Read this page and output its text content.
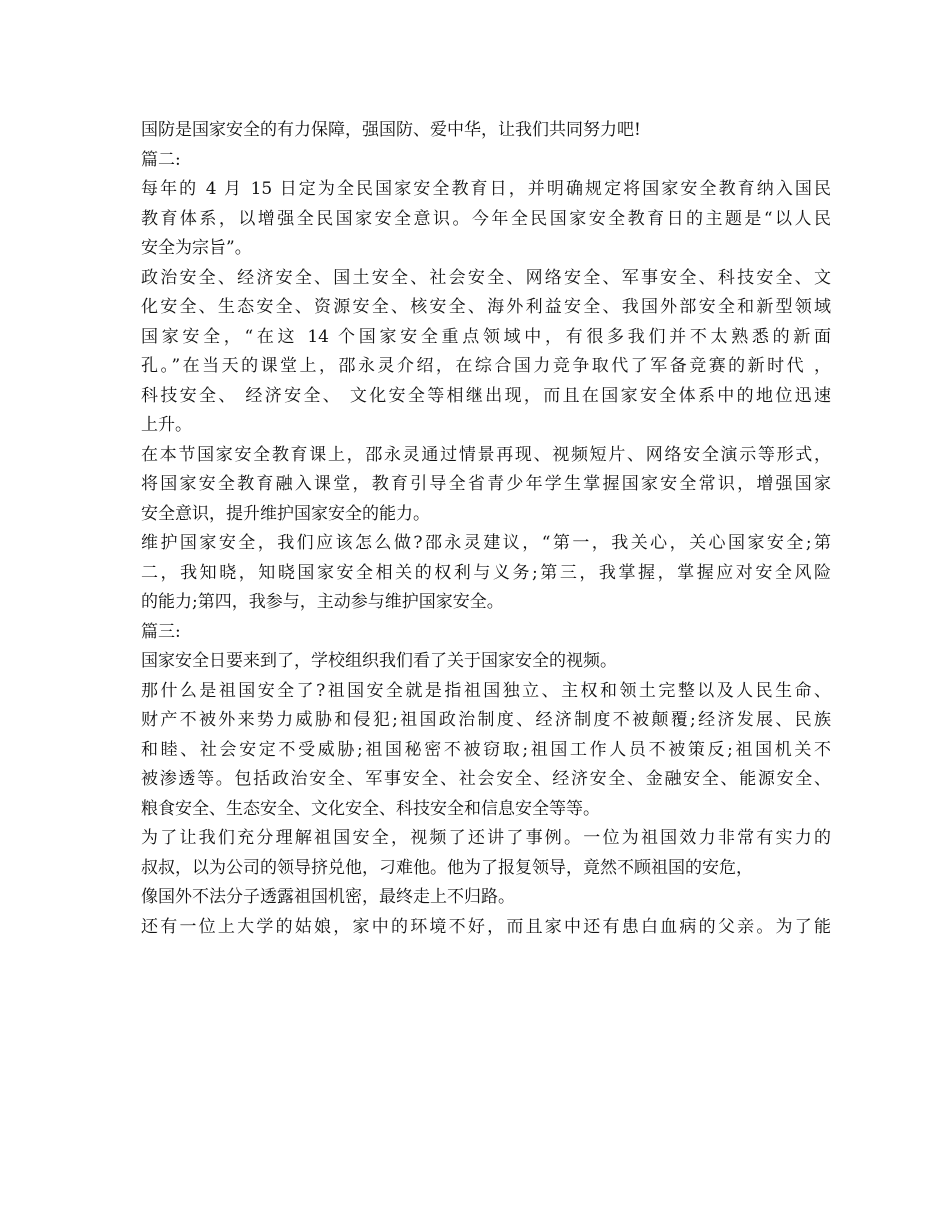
国防是国家安全的有力保障，强国防、爱中华，让我们共同努力吧!
篇二:
每年的 4 月 15 日定为全民国家安全教育日，并明确规定将国家安全教育纳入国民
教育体系，以增强全民国家安全意识。今年全民国家安全教育日的主题是“以人民
安全为宗旨”。
政治安全、经济安全、国土安全、社会安全、网络安全、军事安全、科技安全、文
化安全、生态安全、资源安全、核安全、海外利益安全、我国外部安全和新型领域
国家安全，“在这 14 个国家安全重点领域中，有很多我们并不太熟悉的新面
孔。”在当天的课堂上，邵永灵介绍，在综合国力竞争取代了军备竞赛的新时代 ，
科技安全、 经济安全、 文化安全等相继出现，而且在国家安全体系中的地位迅速
上升。
在本节国家安全教育课上，邵永灵通过情景再现、视频短片、网络安全演示等形式，
将国家安全教育融入课堂，教育引导全省青少年学生掌握国家安全常识，增强国家
安全意识，提升维护国家安全的能力。
维护国家安全，我们应该怎么做?邵永灵建议，“第一，我关心，关心国家安全;第
二，我知晓，知晓国家安全相关的权利与义务;第三，我掌握，掌握应对安全风险
的能力;第四，我参与，主动参与维护国家安全。
篇三:
国家安全日要来到了，学校组织我们看了关于国家安全的视频。
那什么是祖国安全了?祖国安全就是指祖国独立、主权和领土完整以及人民生命、
财产不被外来势力威胁和侵犯;祖国政治制度、经济制度不被颠覆;经济发展、民族
和睦、社会安定不受威胁;祖国秘密不被窃取;祖国工作人员不被策反;祖国机关不
被渗透等。包括政治安全、军事安全、社会安全、经济安全、金融安全、能源安全、
粮食安全、生态安全、文化安全、科技安全和信息安全等等。
为了让我们充分理解祖国安全，视频了还讲了事例。一位为祖国效力非常有实力的
叔叔，以为公司的领导挤兑他，刁难他。他为了报复领导，竟然不顾祖国的安危，
像国外不法分子透露祖国机密，最终走上不归路。
还有一位上大学的姑娘，家中的环境不好，而且家中还有患白血病的父亲。为了能
